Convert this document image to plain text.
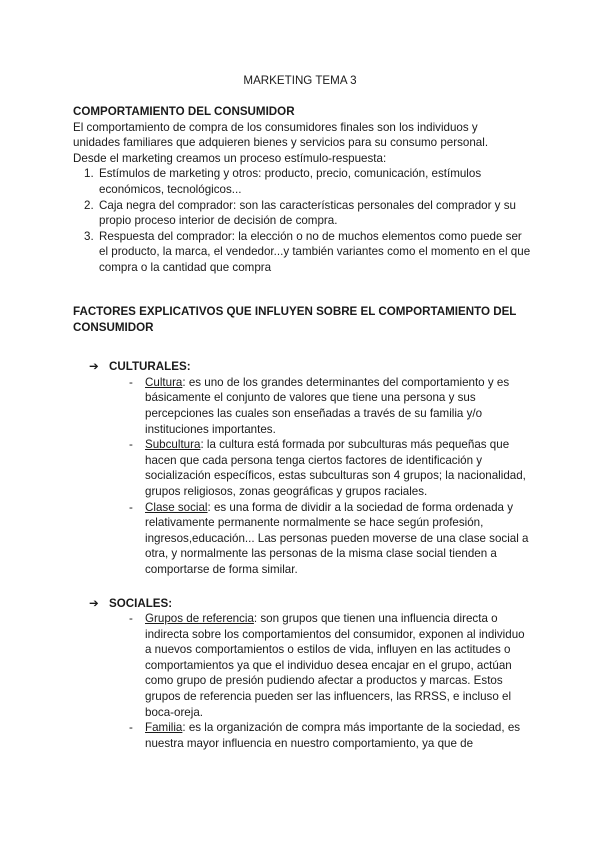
MARKETING TEMA 3
COMPORTAMIENTO DEL CONSUMIDOR

El comportamiento de compra de los consumidores finales son los individuos y
unidades familiares que adquieren bienes y servicios para su consumo personal.
Desde el marketing creamos un proceso estímulo-respuesta:

1. Estímulos de marketing y otros: producto, precio, comunicación, estímulos económicos, tecnológicos...
2. Caja negra del comprador: son las características personales del comprador y su propio proceso interior de decisión de compra.
3. Respuesta del comprador: la elección o no de muchos elementos como puede ser el producto, la marca, el vendedor...y también variantes como el momento en el que compra o la cantidad que compra
FACTORES EXPLICATIVOS QUE INFLUYEN SOBRE EL COMPORTAMIENTO DEL CONSUMIDOR
➔ CULTURALES:
- Cultura: es uno de los grandes determinantes del comportamiento y es básicamente el conjunto de valores que tiene una persona y sus percepciones las cuales son enseñadas a través de su familia y/o instituciones importantes.
- Subcultura: la cultura está formada por subculturas más pequeñas que hacen que cada persona tenga ciertos factores de identificación y socialización específicos, estas subculturas son 4 grupos; la nacionalidad, grupos religiosos, zonas geográficas y grupos raciales.
- Clase social: es una forma de dividir a la sociedad de forma ordenada y relativamente permanente normalmente se hace según profesión, ingresos,educación... Las personas pueden moverse de una clase social a otra, y normalmente las personas de la misma clase social tienden a comportarse de forma similar.
➔ SOCIALES:
- Grupos de referencia: son grupos que tienen una influencia directa o indirecta sobre los comportamientos del consumidor, exponen al individuo a nuevos comportamientos o estilos de vida, influyen en las actitudes o comportamientos ya que el individuo desea encajar en el grupo, actúan como grupo de presión pudiendo afectar a productos y marcas. Estos grupos de referencia pueden ser las influencers, las RRSS, e incluso el boca-oreja.
- Familia: es la organización de compra más importante de la sociedad, es nuestra mayor influencia en nuestro comportamiento, ya que de
